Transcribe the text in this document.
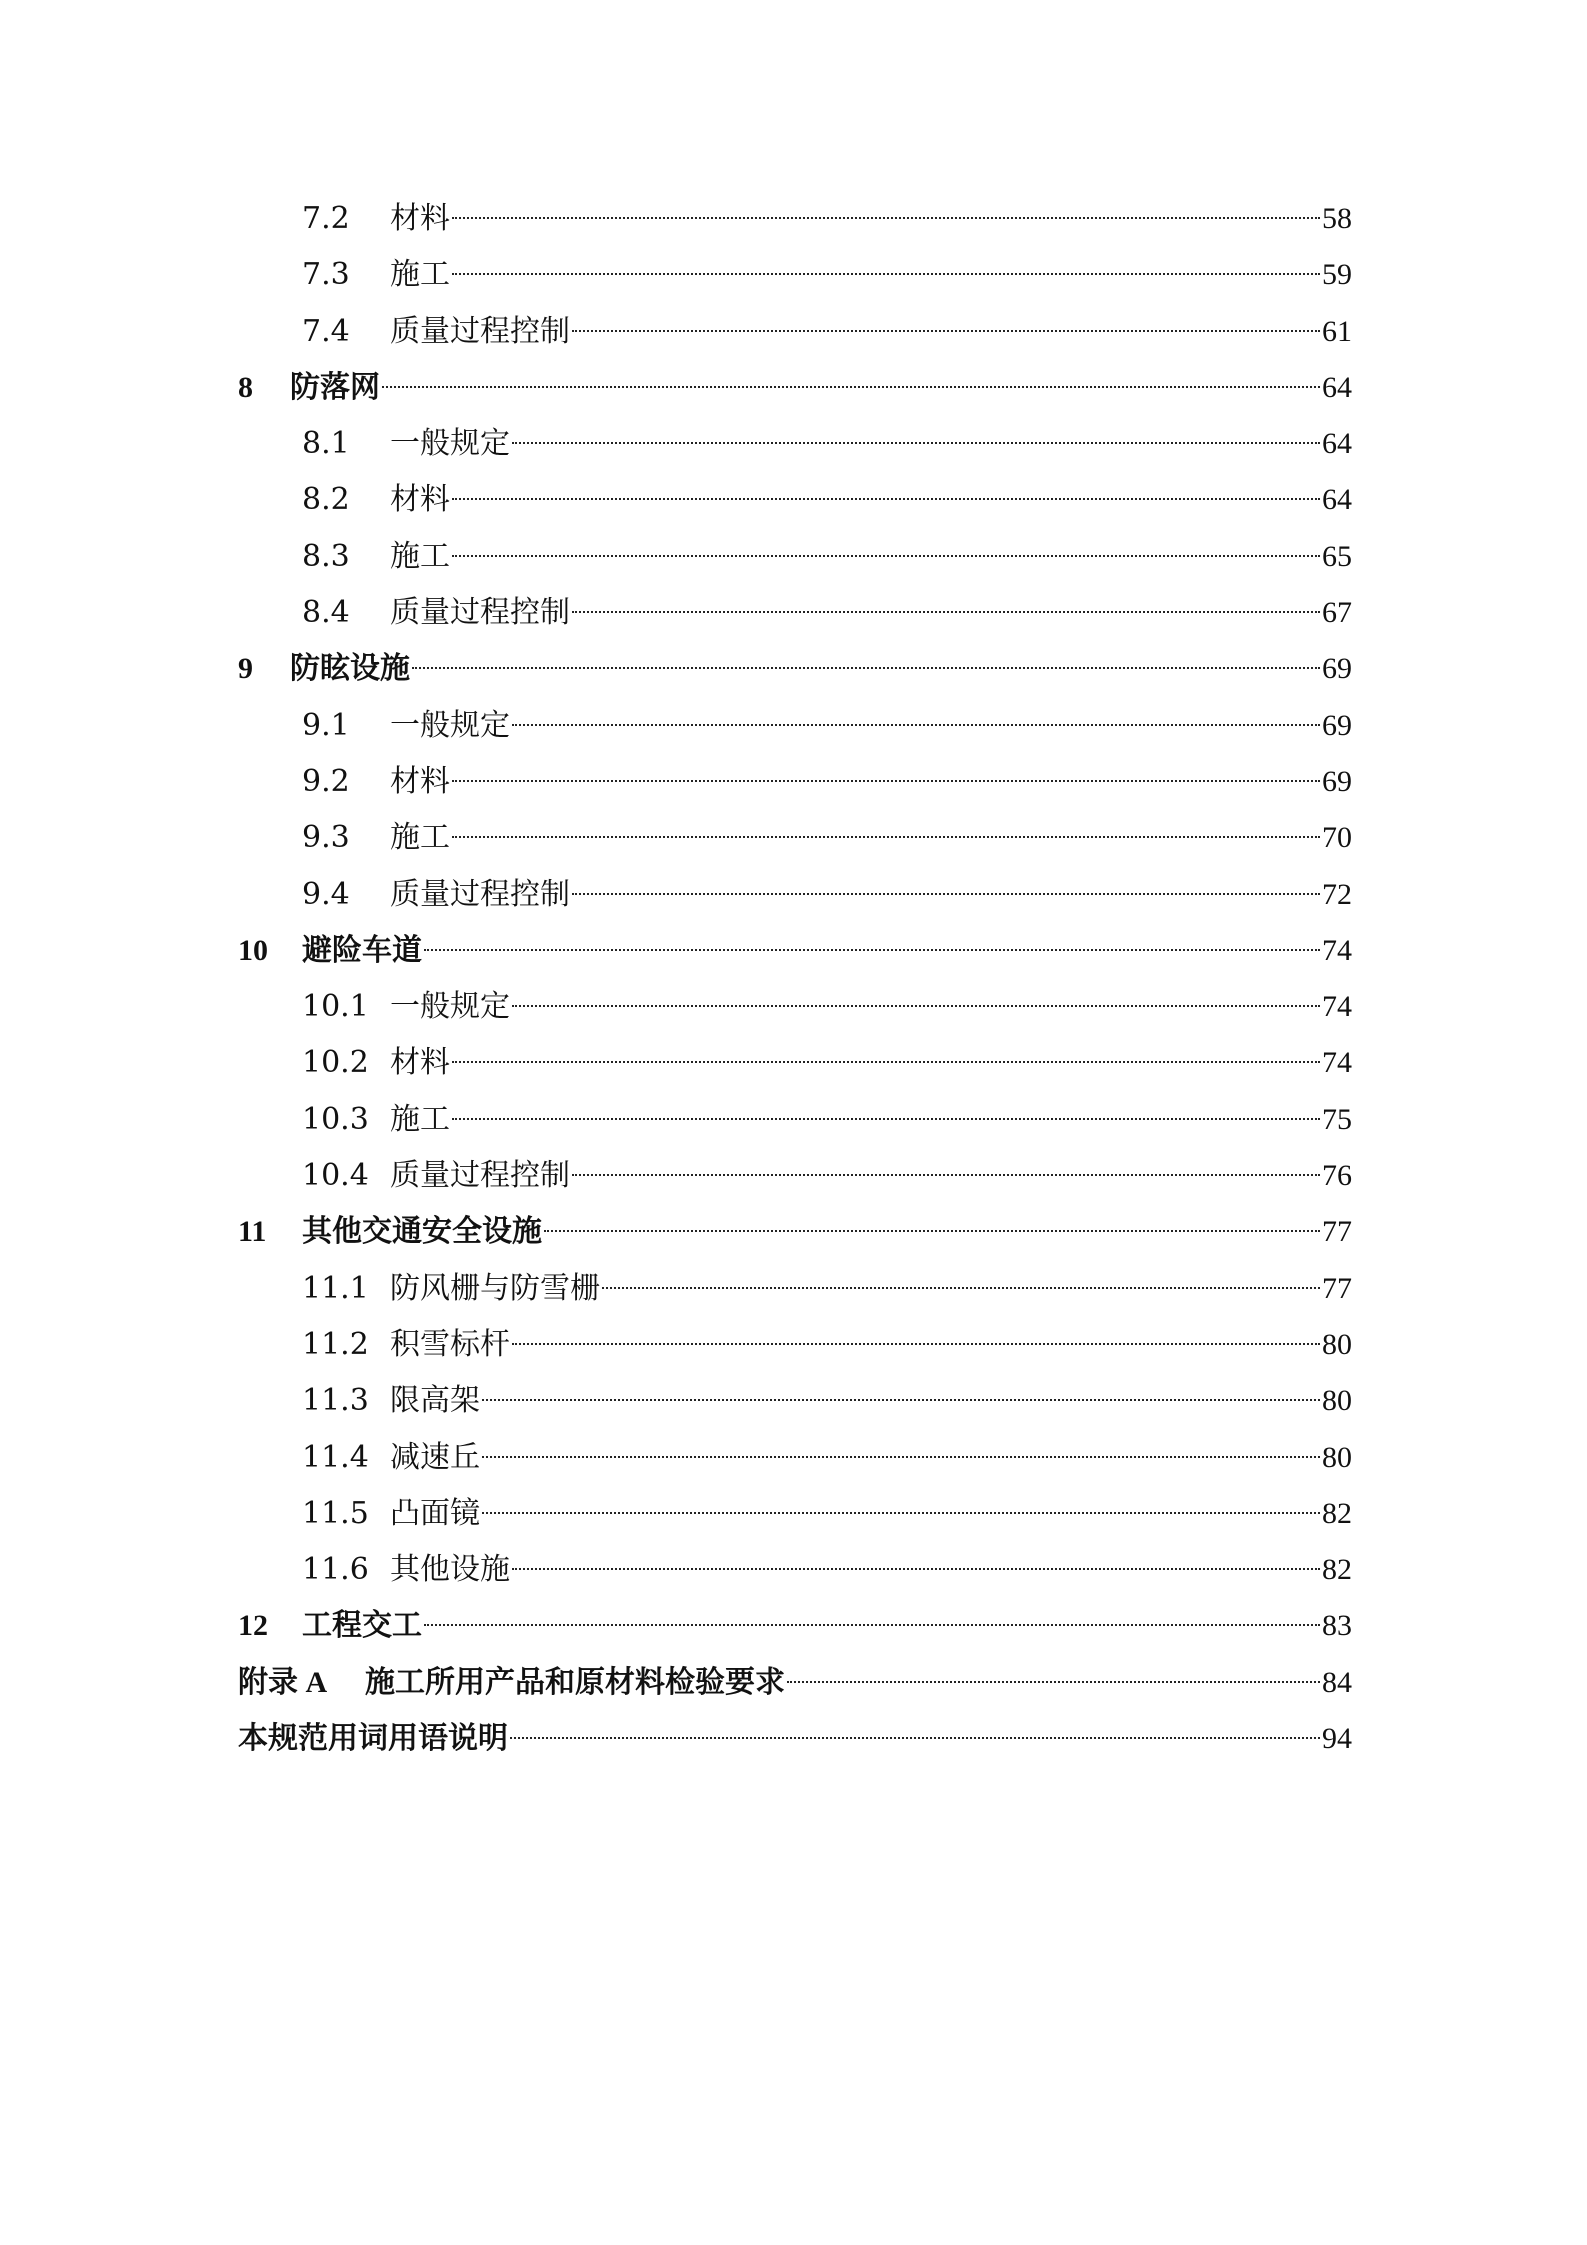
7.2	材料	58
7.3	施工	59
7.4	质量过程控制	61
8	防落网	64
8.1	一般规定	64
8.2	材料	64
8.3	施工	65
8.4	质量过程控制	67
9	防眩设施	69
9.1	一般规定	69
9.2	材料	69
9.3	施工	70
9.4	质量过程控制	72
10	避险车道	74
10.1 一般规定	74
10.2 材料	74
10.3 施工	75
10.4 质量过程控制	76
11	其他交通安全设施	77
11.1 防风栅与防雪栅	77
11.2 积雪标杆	80
11.3 限高架	80
11.4 减速丘	80
11.5 凸面镜	82
11.6 其他设施	82
12	工程交工	83
附录 A	施工所用产品和原材料检验要求	84
本规范用词用语说明	94
